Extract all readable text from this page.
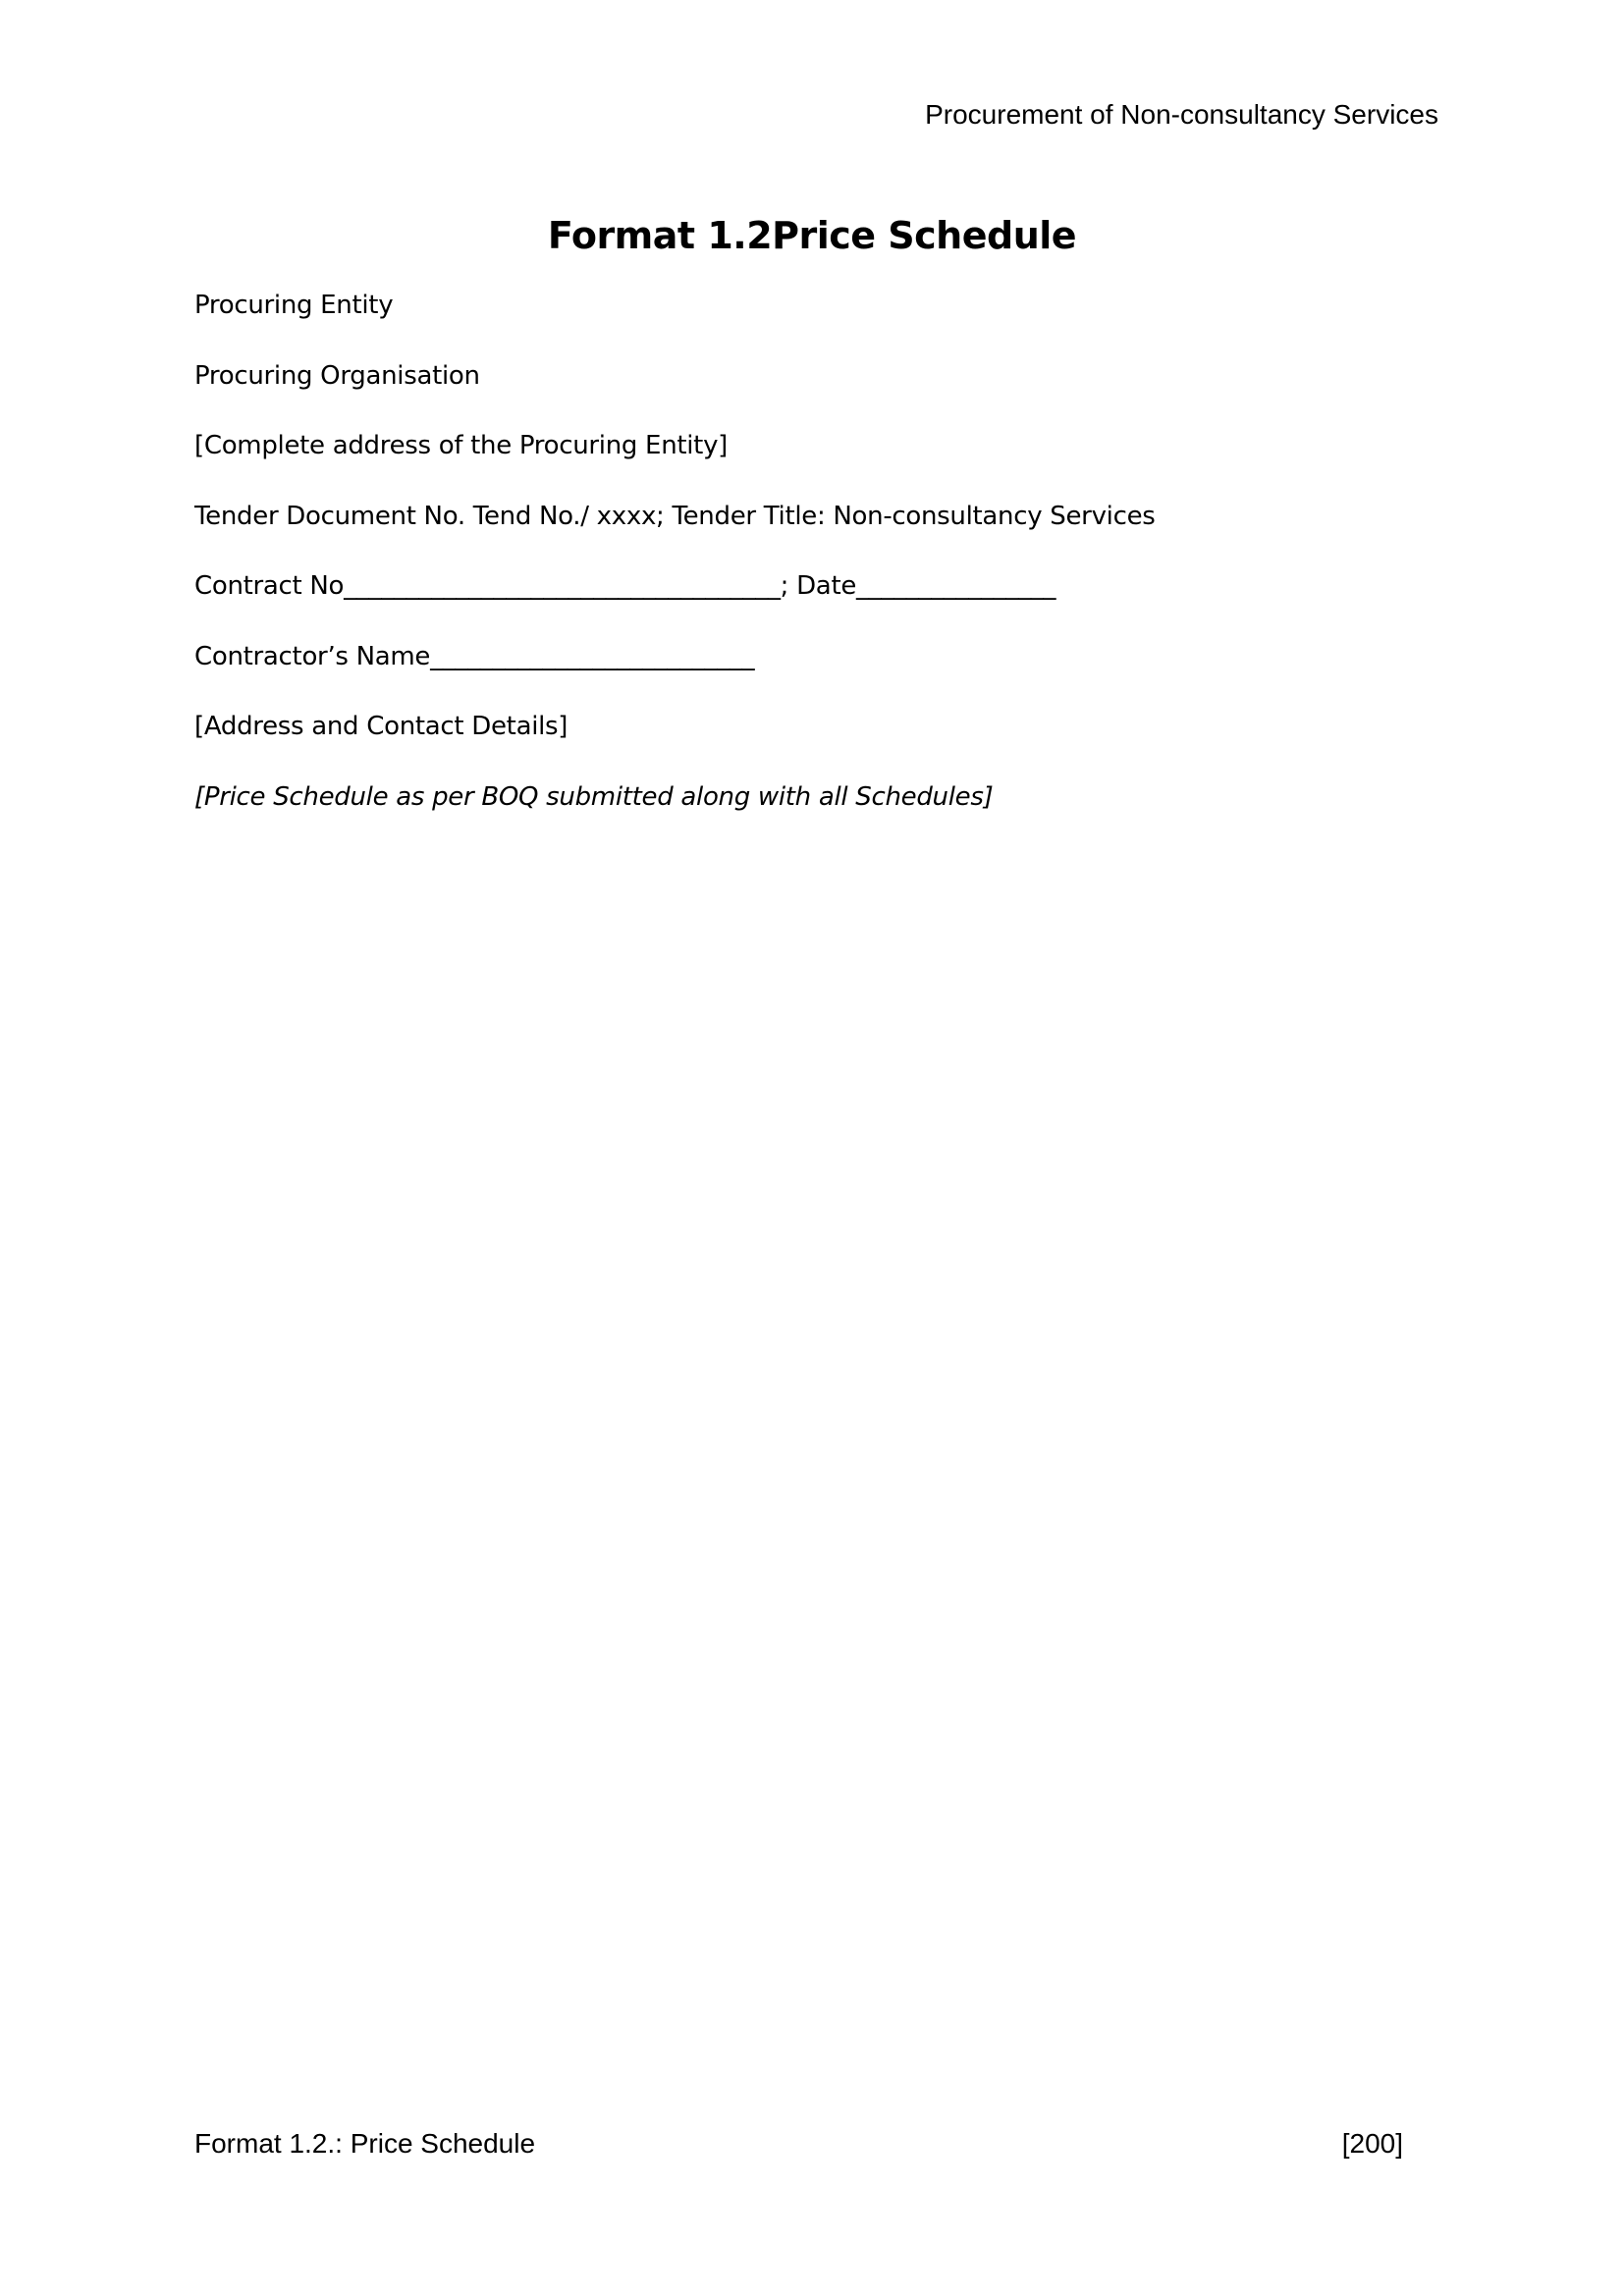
Procurement of Non-consultancy Services
Format 1.2Price Schedule
Procuring Entity
Procuring Organisation
[Complete address of the Procuring Entity]
Tender Document No. Tend No./ xxxx; Tender Title: Non-consultancy Services
Contract No___________________________________; Date________________
Contractor’s Name__________________________
[Address and Contact Details]
[Price Schedule as per BOQ submitted along with all Schedules]
Format 1.2.: Price Schedule	[200]
